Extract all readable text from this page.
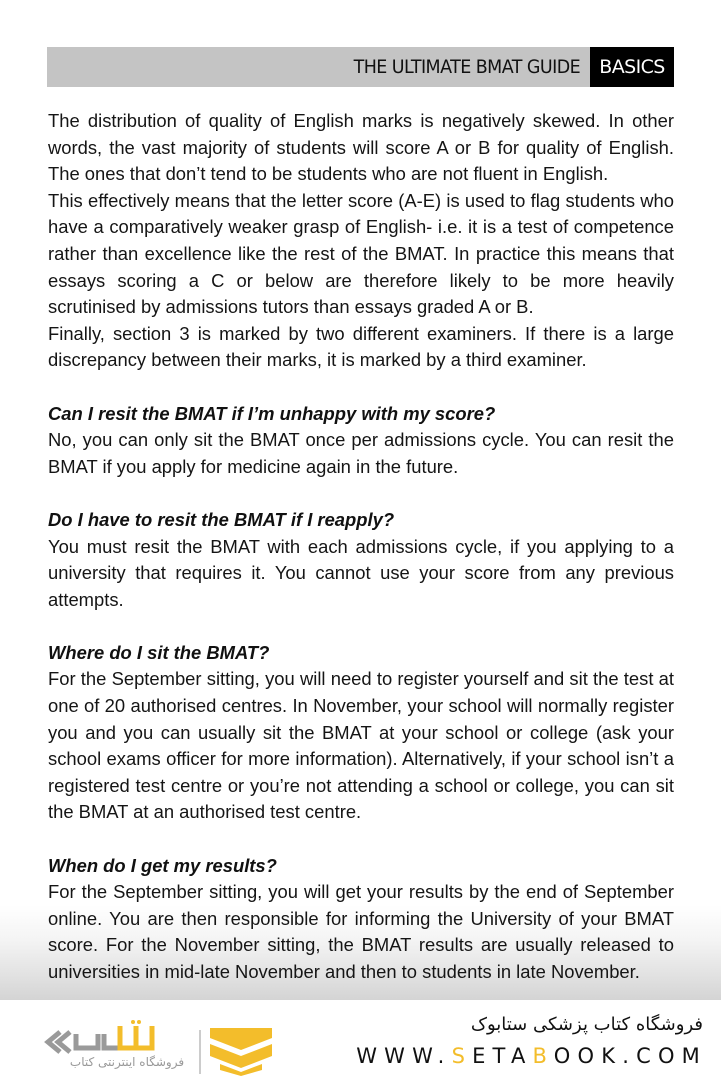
THE ULTIMATE BMAT GUIDE	BASICS

The distribution of quality of English marks is negatively skewed. In other words, the vast majority of students will score A or B for quality of English. The ones that don’t tend to be students who are not fluent in English.

This effectively means that the letter score (A-E) is used to flag students who have a comparatively weaker grasp of English- i.e. it is a test of competence rather than excellence like the rest of the BMAT. In practice this means that essays scoring a C or below are therefore likely to be more heavily scrutinised by admissions tutors than essays graded A or B.

Finally, section 3 is marked by two different examiners. If there is a large discrepancy between their marks, it is marked by a third examiner.

Can I resit the BMAT if I’m unhappy with my score?

No, you can only sit the BMAT once per admissions cycle. You can resit the BMAT if you apply for medicine again in the future.

Do I have to resit the BMAT if I reapply?

You must resit the BMAT with each admissions cycle, if you applying to a university that requires it. You cannot use your score from any previous attempts.

Where do I sit the BMAT?

For the September sitting, you will need to register yourself and sit the test at one of 20 authorised centres. In November, your school will normally register you and you can usually sit the BMAT at your school or college (ask your school exams officer for more information). Alternatively, if your school isn’t a registered test centre or you’re not attending a school or college, you can sit the BMAT at an authorised test centre.

When do I get my results?

For the September sitting, you will get your results by the end of September online. You are then responsible for informing the University of your BMAT score. For the November sitting, the BMAT results are usually released to universities in mid-late November and then to students in late November.

فروشگاه اینترنتی کتاب
فروشگاه کتاب پزشکی ستابوک
WWW.SETABOOK.COM
